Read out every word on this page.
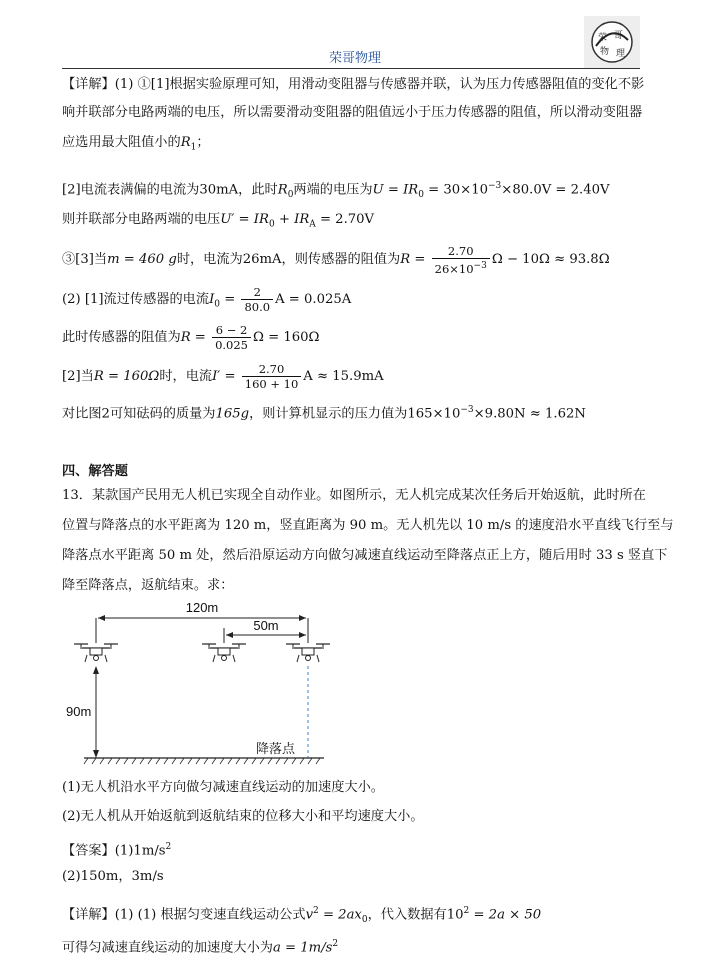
荣哥物理
荣 哥
物 理
【详解】(1) ①[1]根据实验原理可知，用滑动变阻器与传感器并联，认为压力传感器阻值的变化不影
响并联部分电路两端的电压，所以需要滑动变阻器的阻值远小于压力传感器的阻值，所以滑动变阻器
应选用最大阻值小的$R_1$；
[2]电流表满偏的电流为30mA，此时$R_0$两端的电压为$U = IR_0 = 30\times 10^{-3}\times 80.0V = 2.40V$
则并联部分电路两端的电压$U' = IR_0 + IR_A = 2.70V$
③[3]当m = 460 g时，电流为26mA，则传感器的阻值为$R = \frac{2.70}{26\times 10^{-3}}$ Ω − 10Ω ≈ 93.8Ω
(2) [1]流过传感器的电流$I_0 = \frac{2}{80.0}$ A = 0.025A
此时传感器的阻值为$R = \frac{6 - 2}{0.025}$ Ω = 160Ω
[2]当R = 160Ω时，电流$I' = \frac{2.70}{160 + 10}$ A ≈ 15.9mA
对比图2可知砝码的质量为165g，则计算机显示的压力值为$165\times 10^{-3}\times 9.80N \approx 1.62N$
四、解答题
13．某款国产民用无人机已实现全自动作业。如图所示，无人机完成某次任务后开始返航，此时所在
位置与降落点的水平距离为 120 m，竖直距离为 90 m。无人机先以 10 m/s 的速度沿水平直线飞行至与
降落点水平距离 50 m 处，然后沿原运动方向做匀减速直线运动至降落点正上方，随后用时 33 s 竖直下
降至降落点，返航结束。求：
120m
50m
90m
降落点
(1)无人机沿水平方向做匀减速直线运动的加速度大小。
(2)无人机从开始返航到返航结束的位移大小和平均速度大小。
【答案】$(1)1m/s^2$
(2)150m，3m/s
【详解】(1) (1) 根据匀变速直线运动公式$v^2 = 2ax_0$，代入数据有$10^2 = 2a \times 50$
可得匀减速直线运动的加速度大小为$a = 1m/s^2$
